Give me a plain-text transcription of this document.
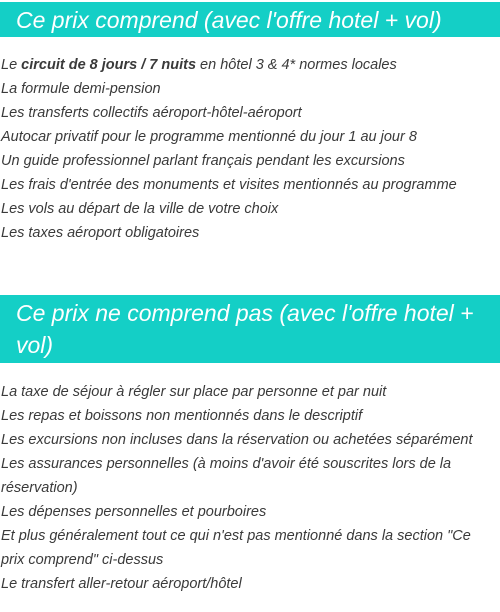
Ce prix comprend (avec l'offre hotel + vol)
Le circuit de 8 jours / 7 nuits en hôtel 3 & 4* normes locales
La formule demi-pension
Les transferts collectifs aéroport-hôtel-aéroport
Autocar privatif pour le programme mentionné du jour 1 au jour 8
Un guide professionnel parlant français pendant les excursions
Les frais d'entrée des monuments et visites mentionnés au programme
Les vols au départ de la ville de votre choix
Les taxes aéroport obligatoires
Ce prix ne comprend pas (avec l'offre hotel + vol)
La taxe de séjour à régler sur place par personne et par nuit
Les repas et boissons non mentionnés dans le descriptif
Les excursions non incluses dans la réservation ou achetées séparément
Les assurances personnelles (à moins d'avoir été souscrites lors de la réservation)
Les dépenses personnelles et pourboires
Et plus généralement tout ce qui n'est pas mentionné dans la section "Ce prix comprend" ci-dessus
Le transfert aller-retour aéroport/hôtel
